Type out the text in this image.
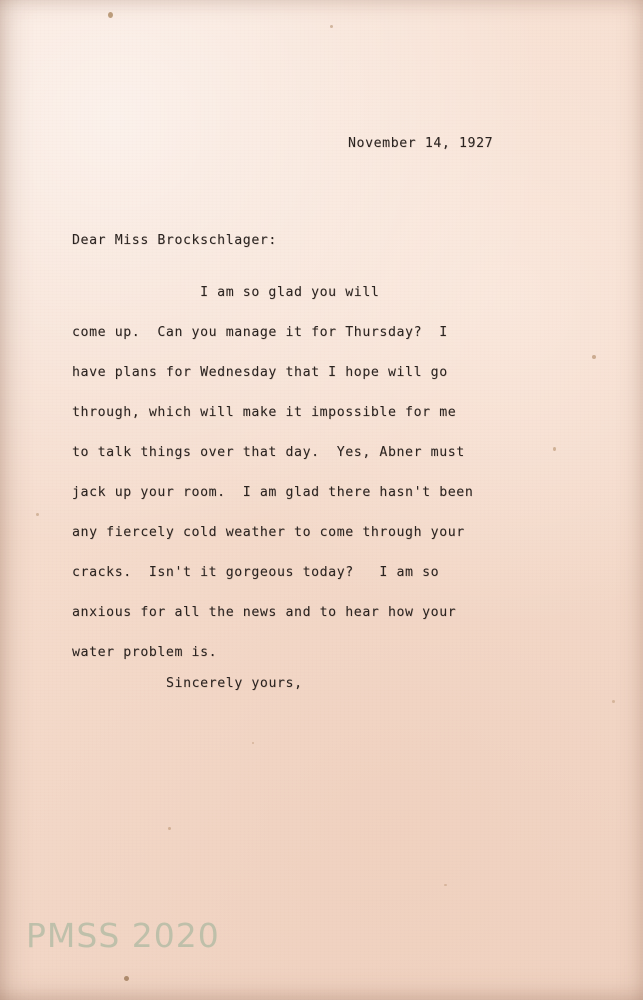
November 14, 1927
Dear Miss Brockschlager:
I am so glad you will
come up.  Can you manage it for Thursday?  I
have plans for Wednesday that I hope will go
through, which will make it impossible for me
to talk things over that day.  Yes, Abner must
jack up your room.  I am glad there hasn't been
any fiercely cold weather to come through your
cracks.  Isn't it gorgeous today?   I am so
anxious for all the news and to hear how your
water problem is.
Sincerely yours,
PMSS 2020
